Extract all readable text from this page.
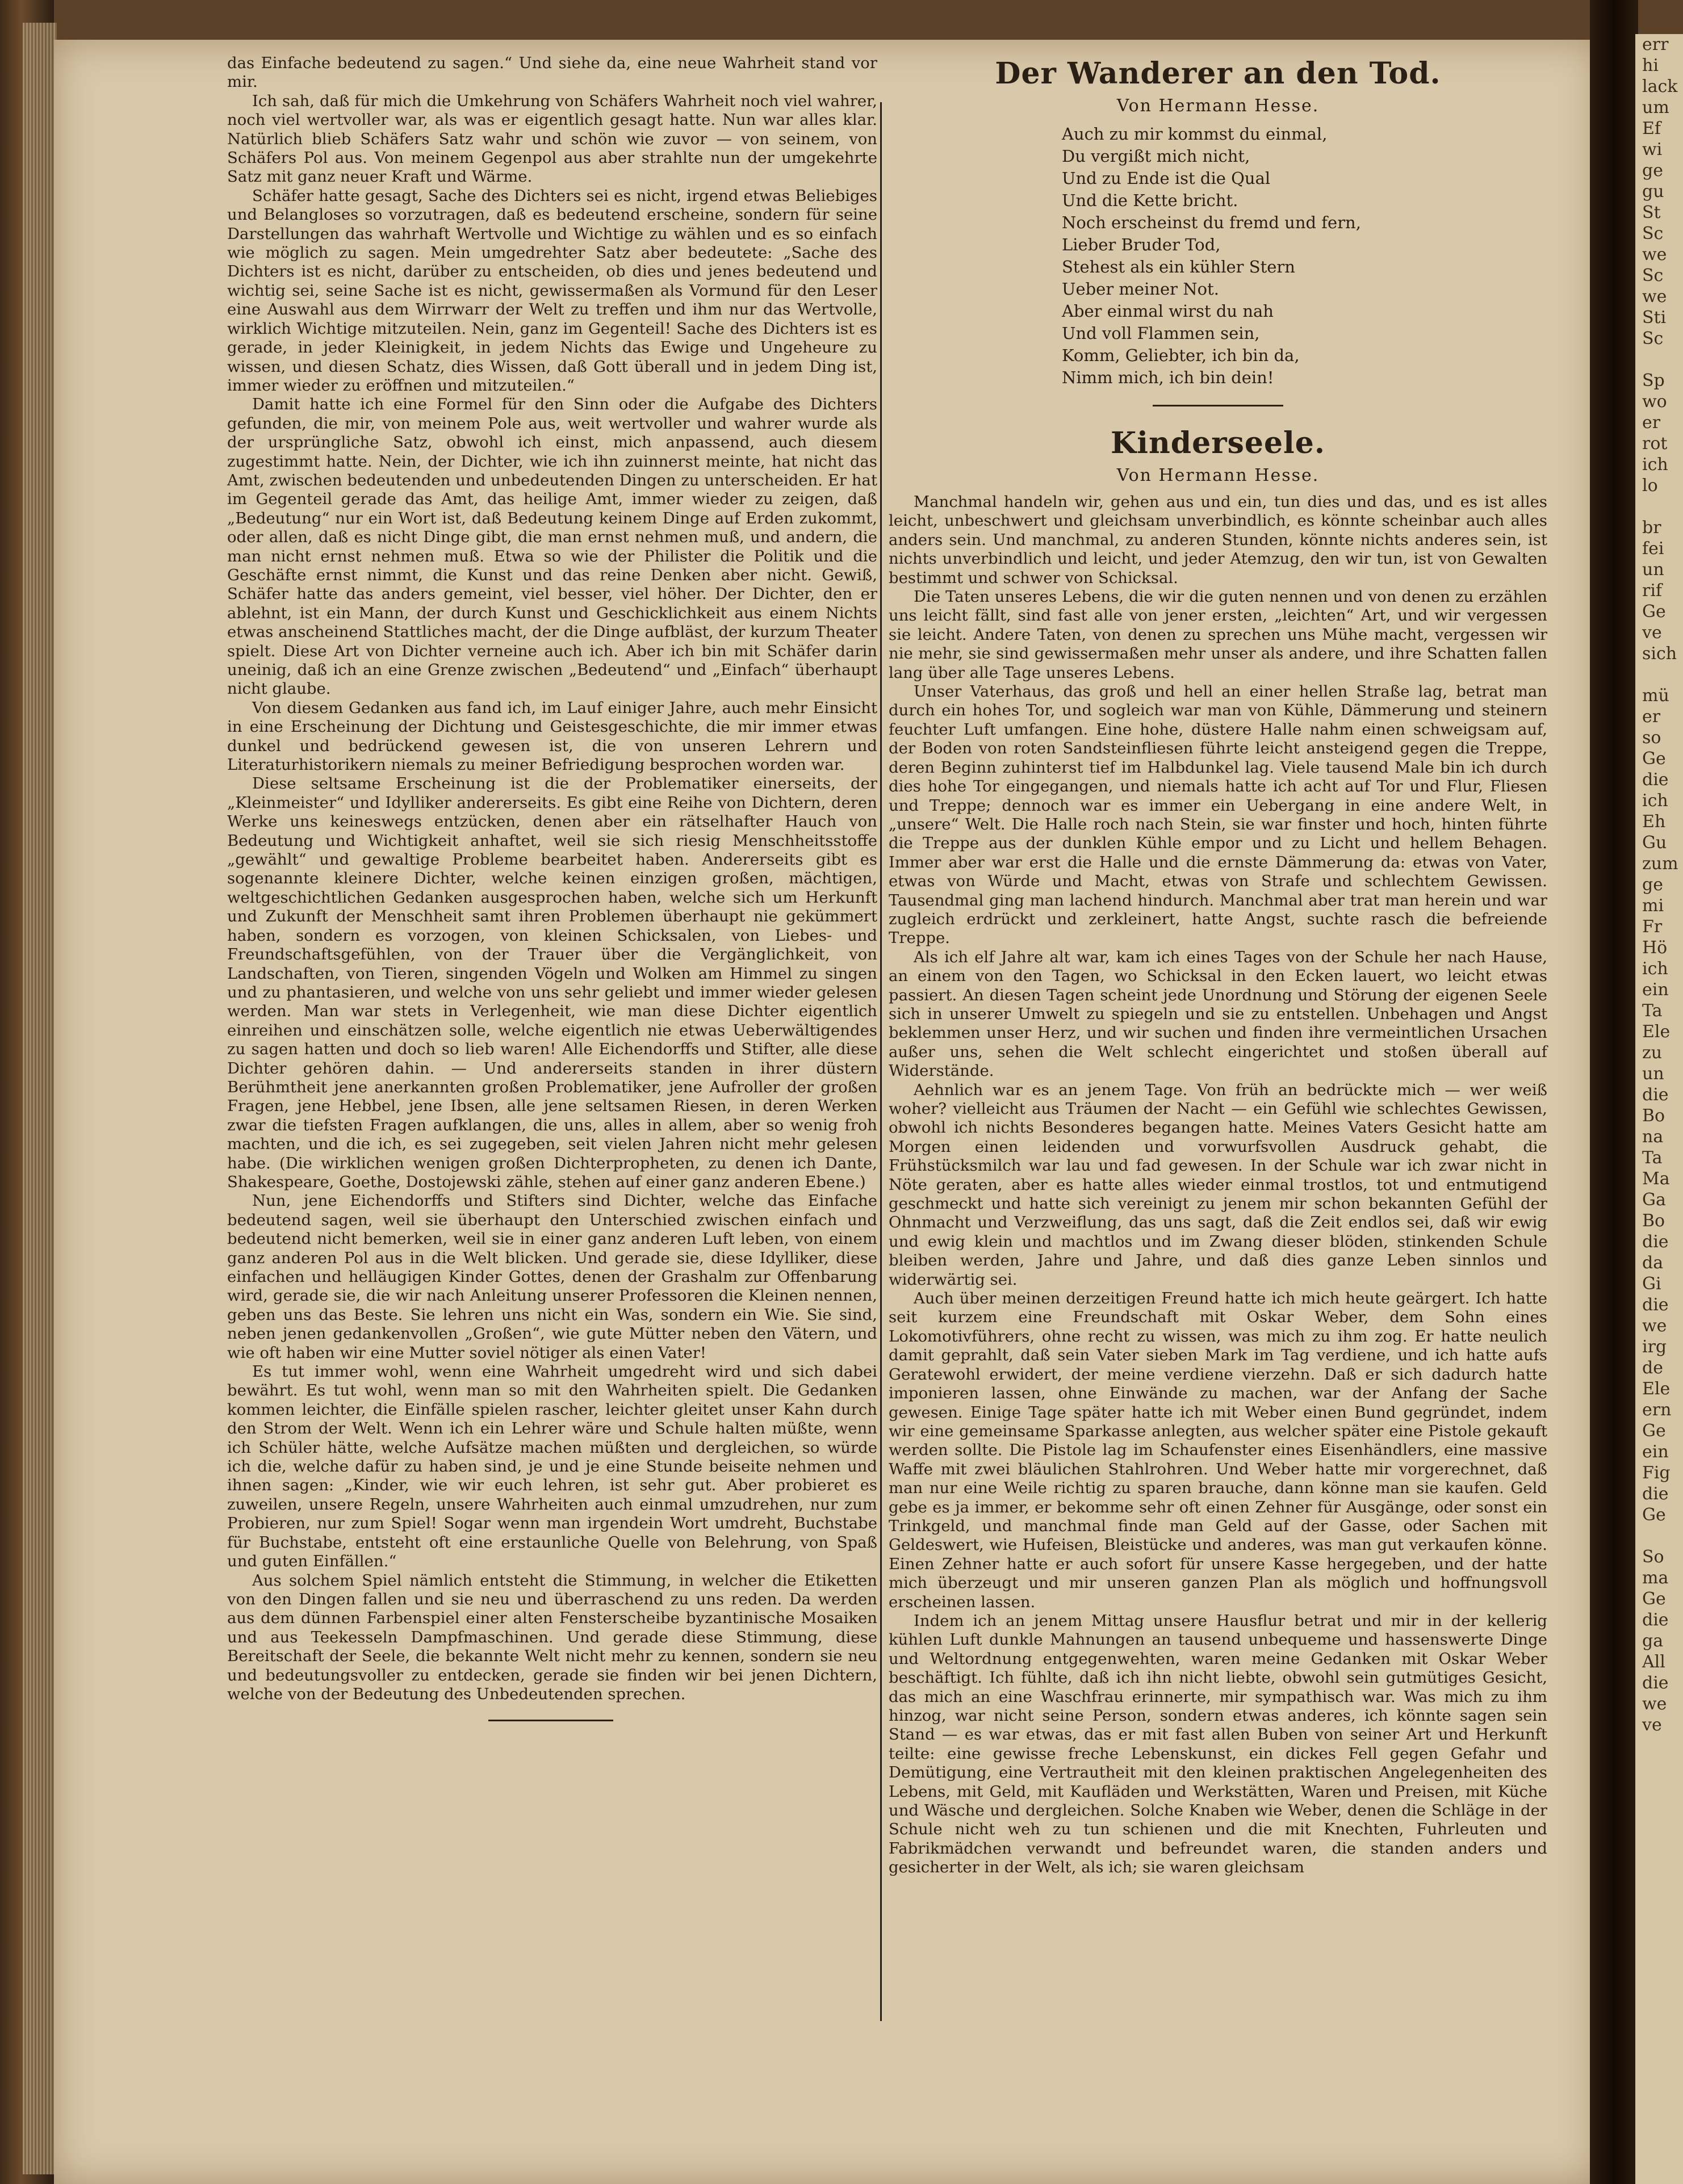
das Einfache bedeutend zu sagen.“ Und siehe da, eine neue Wahrheit stand vor mir.

Ich sah, daß für mich die Umkehrung von Schäfers Wahrheit noch viel wahrer, noch viel wertvoller war, als was er eigentlich gesagt hatte. Nun war alles klar. Natürlich blieb Schäfers Satz wahr und schön wie zuvor — von seinem, von Schäfers Pol aus. Von meinem Gegenpol aus aber strahlte nun der umgekehrte Satz mit ganz neuer Kraft und Wärme.

Schäfer hatte gesagt, Sache des Dichters sei es nicht, irgend etwas Beliebiges und Belangloses so vorzutragen, daß es bedeutend erscheine, sondern für seine Darstellungen das wahrhaft Wertvolle und Wichtige zu wählen und es so einfach wie möglich zu sagen. Mein umgedrehter Satz aber bedeutete: „Sache des Dichters ist es nicht, darüber zu entscheiden, ob dies und jenes bedeutend und wichtig sei, seine Sache ist es nicht, gewissermaßen als Vormund für den Leser eine Auswahl aus dem Wirrwarr der Welt zu treffen und ihm nur das Wertvolle, wirklich Wichtige mitzuteilen. Nein, ganz im Gegenteil! Sache des Dichters ist es gerade, in jeder Kleinigkeit, in jedem Nichts das Ewige und Ungeheure zu wissen, und diesen Schatz, dies Wissen, daß Gott überall und in jedem Ding ist, immer wieder zu eröffnen und mitzuteilen.“

Damit hatte ich eine Formel für den Sinn oder die Aufgabe des Dichters gefunden, die mir, von meinem Pole aus, weit wertvoller und wahrer wurde als der ursprüngliche Satz, obwohl ich einst, mich anpassend, auch diesem zugestimmt hatte. Nein, der Dichter, wie ich ihn zuinnerst meinte, hat nicht das Amt, zwischen bedeutenden und unbedeutenden Dingen zu unterscheiden. Er hat im Gegenteil gerade das Amt, das heilige Amt, immer wieder zu zeigen, daß „Bedeutung“ nur ein Wort ist, daß Bedeutung keinem Dinge auf Erden zukommt, oder allen, daß es nicht Dinge gibt, die man ernst nehmen muß, und andern, die man nicht ernst nehmen muß. Etwa so wie der Philister die Politik und die Geschäfte ernst nimmt, die Kunst und das reine Denken aber nicht. Gewiß, Schäfer hatte das anders gemeint, viel besser, viel höher. Der Dichter, den er ablehnt, ist ein Mann, der durch Kunst und Geschicklichkeit aus einem Nichts etwas anscheinend Stattliches macht, der die Dinge aufbläst, der kurzum Theater spielt. Diese Art von Dichter verneine auch ich. Aber ich bin mit Schäfer darin uneinig, daß ich an eine Grenze zwischen „Bedeutend“ und „Einfach“ überhaupt nicht glaube.

Von diesem Gedanken aus fand ich, im Lauf einiger Jahre, auch mehr Einsicht in eine Erscheinung der Dichtung und Geistesgeschichte, die mir immer etwas dunkel und bedrückend gewesen ist, die von unseren Lehrern und Literaturhistorikern niemals zu meiner Befriedigung besprochen worden war.

Diese seltsame Erscheinung ist die der Problematiker einerseits, der „Kleinmeister“ und Idylliker andererseits. Es gibt eine Reihe von Dichtern, deren Werke uns keineswegs entzücken, denen aber ein rätselhafter Hauch von Bedeutung und Wichtigkeit anhaftet, weil sie sich riesig Menschheitsstoffe „gewählt“ und gewaltige Probleme bearbeitet haben. Andererseits gibt es sogenannte kleinere Dichter, welche keinen einzigen großen, mächtigen, weltgeschichtlichen Gedanken ausgesprochen haben, welche sich um Herkunft und Zukunft der Menschheit samt ihren Problemen überhaupt nie gekümmert haben, sondern es vorzogen, von kleinen Schicksalen, von Liebes- und Freundschaftsgefühlen, von der Trauer über die Vergänglichkeit, von Landschaften, von Tieren, singenden Vögeln und Wolken am Himmel zu singen und zu phantasieren, und welche von uns sehr geliebt und immer wieder gelesen werden. Man war stets in Verlegenheit, wie man diese Dichter eigentlich einreihen und einschätzen solle, welche eigentlich nie etwas Ueberwältigendes zu sagen hatten und doch so lieb waren! Alle Eichendorffs und Stifter, alle diese Dichter gehören dahin. — Und andererseits standen in ihrer düstern Berühmtheit jene anerkannten großen Problematiker, jene Aufroller der großen Fragen, jene Hebbel, jene Ibsen, alle jene seltsamen Riesen, in deren Werken zwar die tiefsten Fragen aufklangen, die uns, alles in allem, aber so wenig froh machten, und die ich, es sei zugegeben, seit vielen Jahren nicht mehr gelesen habe. (Die wirklichen wenigen großen Dichterpropheten, zu denen ich Dante, Shakespeare, Goethe, Dostojewski zähle, stehen auf einer ganz anderen Ebene.)

Nun, jene Eichendorffs und Stifters sind Dichter, welche das Einfache bedeutend sagen, weil sie überhaupt den Unterschied zwischen einfach und bedeutend nicht bemerken, weil sie in einer ganz anderen Luft leben, von einem ganz anderen Pol aus in die Welt blicken. Und gerade sie, diese Idylliker, diese einfachen und helläugigen Kinder Gottes, denen der Grashalm zur Offenbarung wird, gerade sie, die wir nach Anleitung unserer Professoren die Kleinen nennen, geben uns das Beste. Sie lehren uns nicht ein Was, sondern ein Wie. Sie sind, neben jenen gedankenvollen „Großen“, wie gute Mütter neben den Vätern, und wie oft haben wir eine Mutter soviel nötiger als einen Vater!

Es tut immer wohl, wenn eine Wahrheit umgedreht wird und sich dabei bewährt. Es tut wohl, wenn man so mit den Wahrheiten spielt. Die Gedanken kommen leichter, die Einfälle spielen rascher, leichter gleitet unser Kahn durch den Strom der Welt. Wenn ich ein Lehrer wäre und Schule halten müßte, wenn ich Schüler hätte, welche Aufsätze machen müßten und dergleichen, so würde ich die, welche dafür zu haben sind, je und je eine Stunde beiseite nehmen und ihnen sagen: „Kinder, wie wir euch lehren, ist sehr gut. Aber probieret es zuweilen, unsere Regeln, unsere Wahrheiten auch einmal umzudrehen, nur zum Probieren, nur zum Spiel! Sogar wenn man irgendein Wort umdreht, Buchstabe für Buchstabe, entsteht oft eine erstaunliche Quelle von Belehrung, von Spaß und guten Einfällen.“

Aus solchem Spiel nämlich entsteht die Stimmung, in welcher die Etiketten von den Dingen fallen und sie neu und überraschend zu uns reden. Da werden aus dem dünnen Farbenspiel einer alten Fensterscheibe byzantinische Mosaiken und aus Teekesseln Dampfmaschinen. Und gerade diese Stimmung, diese Bereitschaft der Seele, die bekannte Welt nicht mehr zu kennen, sondern sie neu und bedeutungsvoller zu entdecken, gerade sie finden wir bei jenen Dichtern, welche von der Bedeutung des Unbedeutenden sprechen.

Der Wanderer an den Tod.
Von Hermann Hesse.
Auch zu mir kommst du einmal,
Du vergißt mich nicht,
Und zu Ende ist die Qual
Und die Kette bricht.
Noch erscheinst du fremd und fern,
Lieber Bruder Tod,
Stehest als ein kühler Stern
Ueber meiner Not.
Aber einmal wirst du nah
Und voll Flammen sein,
Komm, Geliebter, ich bin da,
Nimm mich, ich bin dein!
Kinderseele.
Von Hermann Hesse.

Manchmal handeln wir, gehen aus und ein, tun dies und das, und es ist alles leicht, unbeschwert und gleichsam unverbindlich, es könnte scheinbar auch alles anders sein. Und manchmal, zu anderen Stunden, könnte nichts anderes sein, ist nichts unverbindlich und leicht, und jeder Atemzug, den wir tun, ist von Gewalten bestimmt und schwer von Schicksal.

Die Taten unseres Lebens, die wir die guten nennen und von denen zu erzählen uns leicht fällt, sind fast alle von jener ersten, „leichten“ Art, und wir vergessen sie leicht. Andere Taten, von denen zu sprechen uns Mühe macht, vergessen wir nie mehr, sie sind gewissermaßen mehr unser als andere, und ihre Schatten fallen lang über alle Tage unseres Lebens.

Unser Vaterhaus, das groß und hell an einer hellen Straße lag, betrat man durch ein hohes Tor, und sogleich war man von Kühle, Dämmerung und steinern feuchter Luft umfangen. Eine hohe, düstere Halle nahm einen schweigsam auf, der Boden von roten Sandsteinfliesen führte leicht ansteigend gegen die Treppe, deren Beginn zuhinterst tief im Halbdunkel lag. Viele tausend Male bin ich durch dies hohe Tor eingegangen, und niemals hatte ich acht auf Tor und Flur, Fliesen und Treppe; dennoch war es immer ein Uebergang in eine andere Welt, in „unsere“ Welt. Die Halle roch nach Stein, sie war finster und hoch, hinten führte die Treppe aus der dunklen Kühle empor und zu Licht und hellem Behagen. Immer aber war erst die Halle und die ernste Dämmerung da: etwas von Vater, etwas von Würde und Macht, etwas von Strafe und schlechtem Gewissen. Tausendmal ging man lachend hindurch. Manchmal aber trat man herein und war zugleich erdrückt und zerkleinert, hatte Angst, suchte rasch die befreiende Treppe.

Als ich elf Jahre alt war, kam ich eines Tages von der Schule her nach Hause, an einem von den Tagen, wo Schicksal in den Ecken lauert, wo leicht etwas passiert. An diesen Tagen scheint jede Unordnung und Störung der eigenen Seele sich in unserer Umwelt zu spiegeln und sie zu entstellen. Unbehagen und Angst beklemmen unser Herz, und wir suchen und finden ihre vermeintlichen Ursachen außer uns, sehen die Welt schlecht eingerichtet und stoßen überall auf Widerstände.

Aehnlich war es an jenem Tage. Von früh an bedrückte mich — wer weiß woher? vielleicht aus Träumen der Nacht — ein Gefühl wie schlechtes Gewissen, obwohl ich nichts Besonderes begangen hatte. Meines Vaters Gesicht hatte am Morgen einen leidenden und vorwurfsvollen Ausdruck gehabt, die Frühstücksmilch war lau und fad gewesen. In der Schule war ich zwar nicht in Nöte geraten, aber es hatte alles wieder einmal trostlos, tot und entmutigend geschmeckt und hatte sich vereinigt zu jenem mir schon bekannten Gefühl der Ohnmacht und Verzweiflung, das uns sagt, daß die Zeit endlos sei, daß wir ewig und ewig klein und machtlos und im Zwang dieser blöden, stinkenden Schule bleiben werden, Jahre und Jahre, und daß dies ganze Leben sinnlos und widerwärtig sei.

Auch über meinen derzeitigen Freund hatte ich mich heute geärgert. Ich hatte seit kurzem eine Freundschaft mit Oskar Weber, dem Sohn eines Lokomotivführers, ohne recht zu wissen, was mich zu ihm zog. Er hatte neulich damit geprahlt, daß sein Vater sieben Mark im Tag verdiene, und ich hatte aufs Geratewohl erwidert, der meine verdiene vierzehn. Daß er sich dadurch hatte imponieren lassen, ohne Einwände zu machen, war der Anfang der Sache gewesen. Einige Tage später hatte ich mit Weber einen Bund gegründet, indem wir eine gemeinsame Sparkasse anlegten, aus welcher später eine Pistole gekauft werden sollte. Die Pistole lag im Schaufenster eines Eisenhändlers, eine massive Waffe mit zwei bläulichen Stahlrohren. Und Weber hatte mir vorgerechnet, daß man nur eine Weile richtig zu sparen brauche, dann könne man sie kaufen. Geld gebe es ja immer, er bekomme sehr oft einen Zehner für Ausgänge, oder sonst ein Trinkgeld, und manchmal finde man Geld auf der Gasse, oder Sachen mit Geldeswert, wie Hufeisen, Bleistücke und anderes, was man gut verkaufen könne. Einen Zehner hatte er auch sofort für unsere Kasse hergegeben, und der hatte mich überzeugt und mir unseren ganzen Plan als möglich und hoffnungsvoll erscheinen lassen.

Indem ich an jenem Mittag unsere Hausflur betrat und mir in der kellerig kühlen Luft dunkle Mahnungen an tausend unbequeme und hassenswerte Dinge und Weltordnung entgegenwehten, waren meine Gedanken mit Oskar Weber beschäftigt. Ich fühlte, daß ich ihn nicht liebte, obwohl sein gutmütiges Gesicht, das mich an eine Waschfrau erinnerte, mir sympathisch war. Was mich zu ihm hinzog, war nicht seine Person, sondern etwas anderes, ich könnte sagen sein Stand — es war etwas, das er mit fast allen Buben von seiner Art und Herkunft teilte: eine gewisse freche Lebenskunst, ein dickes Fell gegen Gefahr und Demütigung, eine Vertrautheit mit den kleinen praktischen Angelegenheiten des Lebens, mit Geld, mit Kaufläden und Werkstätten, Waren und Preisen, mit Küche und Wäsche und dergleichen. Solche Knaben wie Weber, denen die Schläge in der Schule nicht weh zu tun schienen und die mit Knechten, Fuhrleuten und Fabrikmädchen verwandt und befreundet waren, die standen anders und gesicherter in der Welt, als ich; sie waren gleichsam

err
hi
lack
um
Ef
wi
ge
gu
St
Sc
we
Sc
we
Sti
Sc

Sp
wo
er
rot
ich
lo

br
fei
un
rif
Ge
ve
sich

mü
er
so
Ge
die
ich
Eh
Gu
zum
ge
mi
Fr
Hö
ich
ein
Ta
Ele
zu
un
die
Bo
na
Ta
Ma
Ga
Bo
die
da
Gi
die
we
irg
de
Ele
ern
Ge
ein
Fig
die
Ge

So
ma
Ge
die
ga
All
die
we
ve
